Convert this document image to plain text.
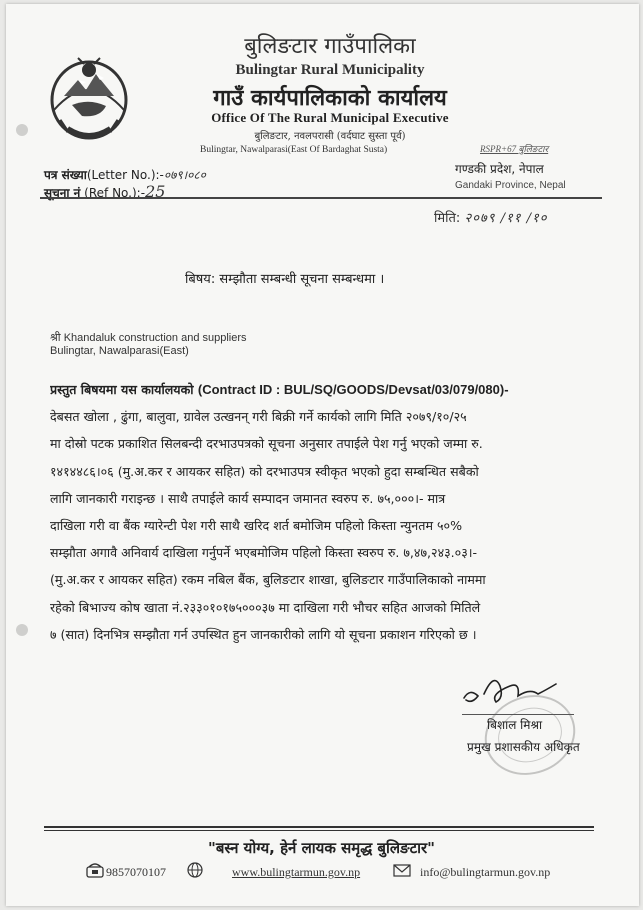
बुलिङटार गाउँपालिका
Bulingtar Rural Municipality
गाउँ कार्यपालिकाको कार्यालय
Office Of The Rural Municipal Executive
बुलिङटार, नवलपरासी (वर्दघाट सुस्ता पूर्व)
Bulingtar, Nawalparasi(East Of Bardaghat Susta)	RSPR+67 बुलिङटार
गण्डकी प्रदेश, नेपाल
Gandaki Province, Nepal
पत्र संख्या(Letter No.):-०७९।०८०
सूचना नं (Ref No.):-25
मिति: २०७९ /११ /१०
बिषय: सम्झौता सम्बन्धी सूचना सम्बन्धमा ।
श्री Khandaluk construction and suppliers
Bulingtar, Nawalparasi(East)
प्रस्तुत बिषयमा यस कार्यालयको (Contract ID : BUL/SQ/GOODS/Devsat/03/079/080)-
देबसत खोला , ढुंगा, बालुवा, ग्रावेल उत्खनन् गरी बिक्री गर्ने कार्यको लागि मिति २०७९/१०/२५
मा दोस्रो पटक प्रकाशित सिलबन्दी दरभाउपत्रको सूचना अनुसार तपाईले पेश गर्नु भएको जम्मा रु.
१४१४४८६।०६ (मु.अ.कर र आयकर सहित) को दरभाउपत्र स्वीकृत भएको हुदा सम्बन्धित सबैको
लागि जानकारी गराइन्छ । साथै तपाईले कार्य सम्पादन जमानत स्वरुप रु. ७५,०००।- मात्र
दाखिला गरी वा बैंक ग्यारेन्टी पेश गरी साथै खरिद शर्त बमोजिम पहिलो किस्ता न्युनतम ५०%
सम्झौता अगावै अनिवार्य दाखिला गर्नुपर्ने भएबमोजिम पहिलो किस्ता स्वरुप रु. ७,४७,२४३.०३।-
(मु.अ.कर र आयकर सहित) रकम नबिल बैंक, बुलिङटार शाखा, बुलिङटार गाउँपालिकाको नाममा
रहेको बिभाज्य कोष खाता नं.२३३०१०१७५०००३७ मा दाखिला गरी भौचर सहित आजको मितिले
७ (सात) दिनभित्र सम्झौता गर्न उपस्थित हुन जानकारीको लागि यो सूचना प्रकाशन गरिएको छ ।
बिशाल मिश्रा
प्रमुख प्रशासकीय अधिकृत
"बस्न योग्य, हेर्न लायक समृद्ध बुलिङटार"
9857070107	www.bulingtarmun.gov.np	info@bulingtarmun.gov.np
